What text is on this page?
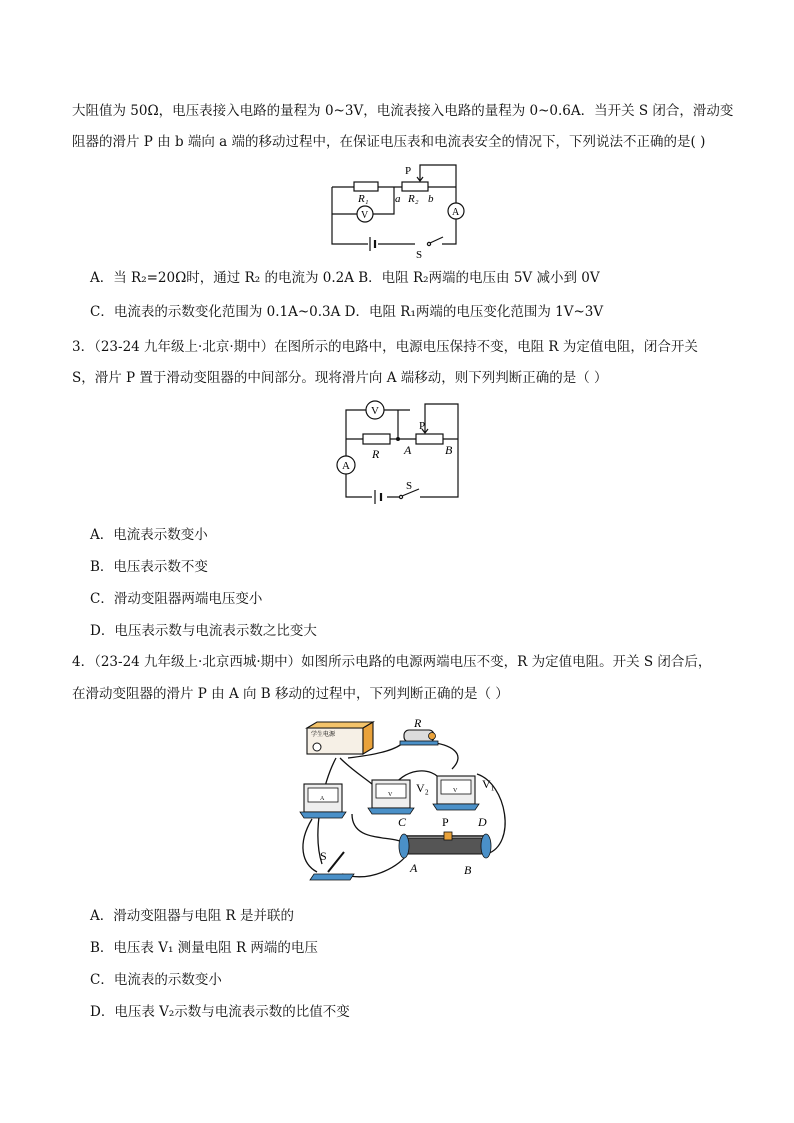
大阻值为 50Ω，电压表接入电路的量程为 0~3V，电流表接入电路的量程为 0~0.6A．当开关 S 闭合，滑动变
阻器的滑片 P 由 b 端向 a 端的移动过程中，在保证电压表和电流表安全的情况下，下列说法不正确的是( )
P
R₁ a R₂ b
V	A
S
A．当 R₂=20Ω时，通过 R₂ 的电流为 0.2A B．电阻 R₂两端的电压由 5V 减小到 0V
C．电流表的示数变化范围为 0.1A~0.3A D．电阻 R₁两端的电压变化范围为 1V~3V
3．（23-24 九年级上·北京·期中）在图所示的电路中，电源电压保持不变，电阻 R 为定值电阻，闭合开关
S，滑片 P 置于滑动变阻器的中间部分。现将滑片向 A 端移动，则下列判断正确的是（ ）
V
P
R A	B
A
S
A．电流表示数变小
B．电压表示数不变
C．滑动变阻器两端电压变小
D．电压表示数与电流表示数之比变大
4．（23-24 九年级上·北京西城·期中）如图所示电路的电源两端电压不变，R 为定值电阻。开关 S 闭合后，
在滑动变阻器的滑片 P 由 A 向 B 移动的过程中，下列判断正确的是（ ）
学生电源
R
A
V V₂	V V₁
S
C	P D
A	B
A．滑动变阻器与电阻 R 是并联的
B．电压表 V₁ 测量电阻 R 两端的电压
C．电流表的示数变小
D．电压表 V₂示数与电流表示数的比值不变
